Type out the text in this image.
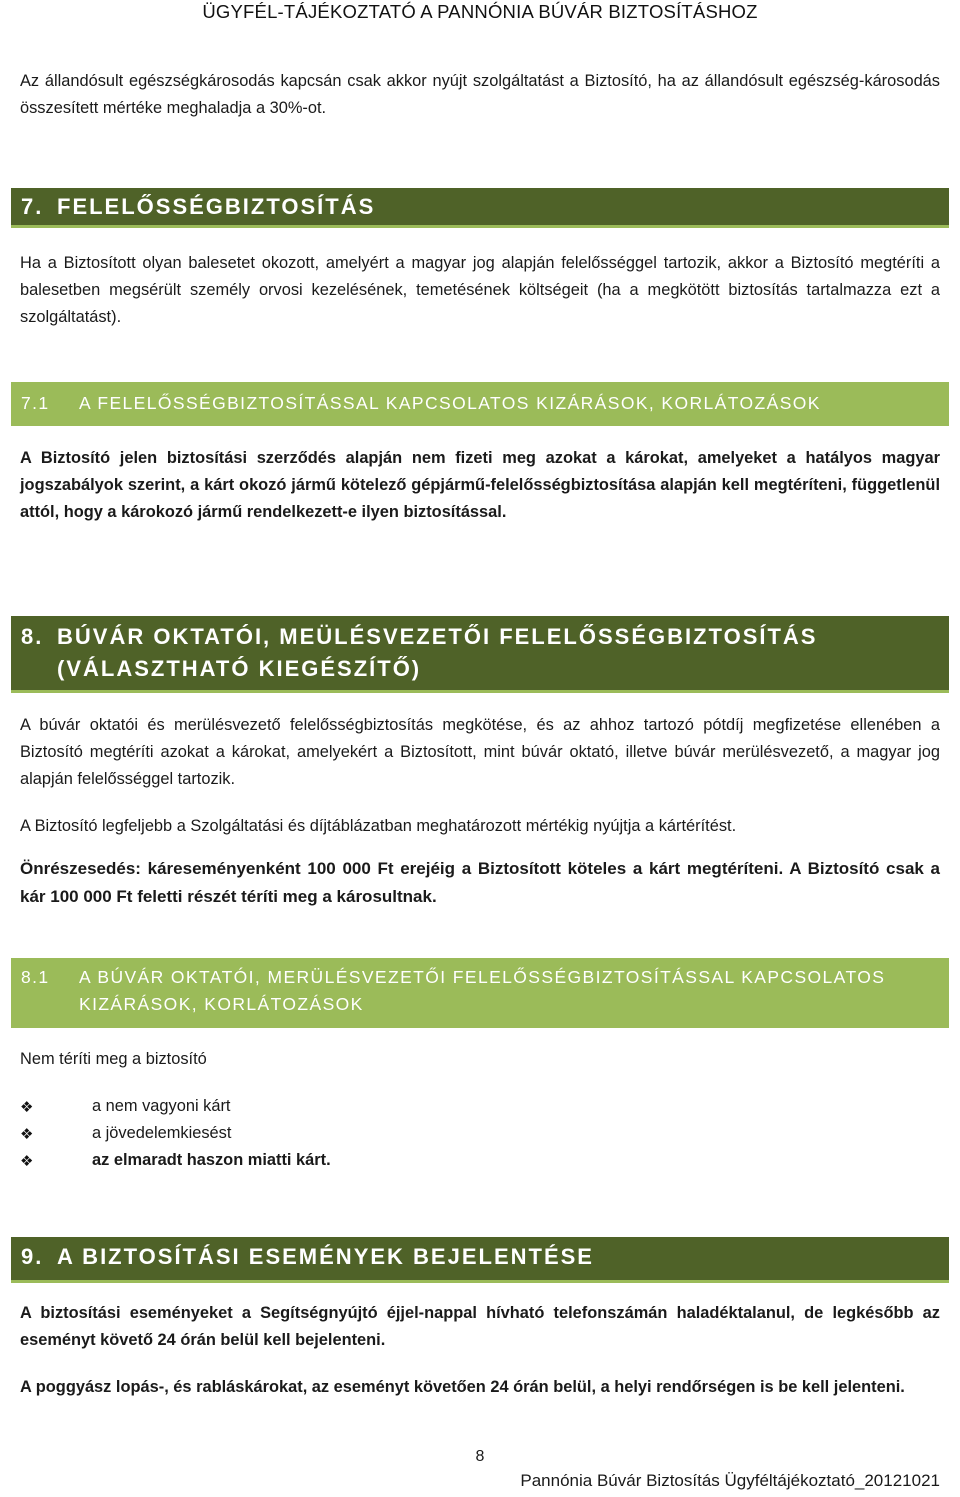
ÜGYFÉL-TÁJÉKOZTATÓ A PANNÓNIA BÚVÁR BIZTOSÍTÁSHOZ

Az állandósult egészségkárosodás kapcsán csak akkor nyújt szolgáltatást a Biztosító, ha az állandósult egészség-károsodás összesített mértéke meghaladja a 30%-ot.

7. FELELŐSSÉGBIZTOSÍTÁS

Ha a Biztosított olyan balesetet okozott, amelyért a magyar jog alapján felelősséggel tartozik, akkor a Biztosító megtéríti a balesetben megsérült személy orvosi kezelésének, temetésének költségeit (ha a megkötött biztosítás tartalmazza ezt a szolgáltatást).

7.1	A FELELŐSSÉGBIZTOSÍTÁSSAL KAPCSOLATOS KIZÁRÁSOK, KORLÁTOZÁSOK

A Biztosító jelen biztosítási szerződés alapján nem fizeti meg azokat a károkat, amelyeket a hatályos magyar jogszabályok szerint, a kárt okozó jármű kötelező gépjármű-felelősségbiztosítása alapján kell megtéríteni, függetlenül attól, hogy a károkozó jármű rendelkezett-e ilyen biztosítással.

8. BÚVÁR OKTATÓI, MEÜLÉSVEZETŐI FELELŐSSÉGBIZTOSÍTÁS
(VÁLASZTHATÓ KIEGÉSZÍTŐ)

A búvár oktatói és merülésvezető felelősségbiztosítás megkötése, és az ahhoz tartozó pótdíj megfizetése ellenében a Biztosító megtéríti azokat a károkat, amelyekért a Biztosított, mint búvár oktató, illetve búvár merülésvezető, a magyar jog alapján felelősséggel tartozik.

A Biztosító legfeljebb a Szolgáltatási és díjtáblázatban meghatározott mértékig nyújtja a kártérítést.

Önrészesedés: káreseményenként 100 000 Ft erejéig a Biztosított köteles a kárt megtéríteni. A Biztosító csak a kár 100 000 Ft feletti részét téríti meg a károsultnak.

8.1	A BÚVÁR OKTATÓI, MERÜLÉSVEZETŐI FELELŐSSÉGBIZTOSÍTÁSSAL KAPCSOLATOS KIZÁRÁSOK, KORLÁTOZÁSOK

Nem téríti meg a biztosító

❖	a nem vagyoni kárt
❖	a jövedelemkiesést
❖	az elmaradt haszon miatti kárt.
9. A BIZTOSÍTÁSI ESEMÉNYEK BEJELENTÉSE

A biztosítási eseményeket a Segítségnyújtó éjjel-nappal hívható telefonszámán haladéktalanul, de legkésőbb az eseményt követő 24 órán belül kell bejelenteni.

A poggyász lopás-, és rabláskárokat, az eseményt követően 24 órán belül, a helyi rendőrségen is be kell jelenteni.

8
Pannónia Búvár Biztosítás Ügyféltájékoztató_20121021
